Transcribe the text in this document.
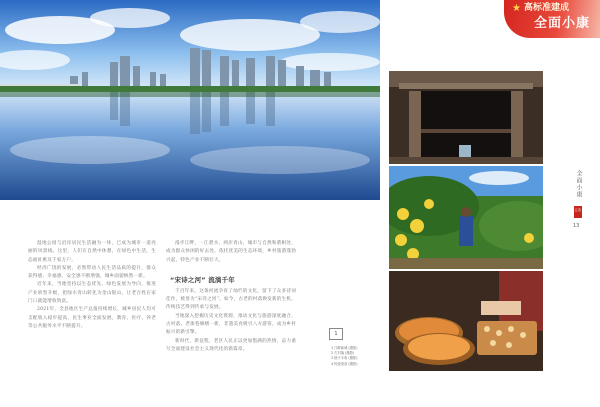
★ 高标准建成
全面小康

湿地公园与沿岸居民生活融为一体，已成为城市一道亮丽的风景线。这里，人们在自然中休憩，在绿色中生活，生态福祉惠及千家万户。

经济广饶的发展，必然带动人民生活品质的提升，群众获得感、幸福感、安全感不断增强，城乡面貌焕然一新。

近年来，当地坚持以生态优先、绿色发展为导向，推进产业转型升级，把绿水青山转化为金山银山，让老百姓在家门口就能增收致富。

2021年，全县地区生产总值持续增长，城乡居民人均可支配收入稳步提高，民生事业全面发展，教育、医疗、养老等公共服务水平不断提升。

漫步江畔，一江碧水，两岸青山，城市与自然和谐相处，成为群众休闲的好去处。依托优美的生态环境，乡村旅游蓬勃兴起，特色产业不断壮大。

“宋诗之河” 流淌千年

千百年来，这条河流孕育了灿烂的文化，留下了众多诗词佳作，被誉为“宋诗之河”。如今，古老的村落焕发新的生机，传统技艺得到传承与发展。

当地深入挖掘历史文化资源，推动文化与旅游深度融合，古村落、老街巷修缮一新，非遗美食吸引八方游客，成为乡村振兴的新引擎。

新时代，新征程，老区人民正以更加饱满的热情，奋力谱写全面建设社会主义现代化的新篇章。

全面小康
江西
13
1
1 江畔新城 (摄影)
2 古村落 (摄影)
3 柚子丰收 (摄影)
4 传统美食 (摄影)
